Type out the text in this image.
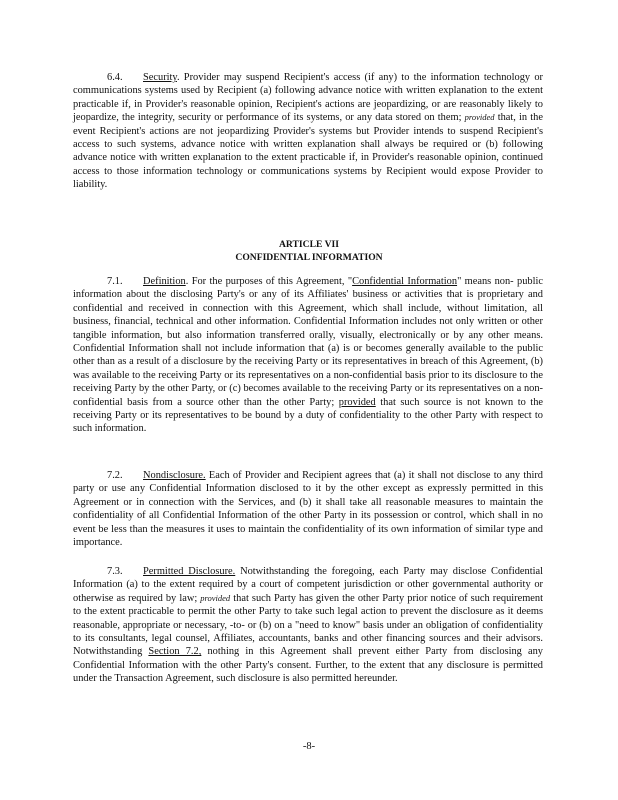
6.4. Security. Provider may suspend Recipient's access (if any) to the information technology or communications systems used by Recipient (a) following advance notice with written explanation to the extent practicable if, in Provider's reasonable opinion, Recipient's actions are jeopardizing, or are reasonably likely to jeopardize, the integrity, security or performance of its systems, or any data stored on them; provided that, in the event Recipient's actions are not jeopardizing Provider's systems but Provider intends to suspend Recipient's access to such systems, advance notice with written explanation shall always be required or (b) following advance notice with written explanation to the extent practicable if, in Provider's reasonable opinion, continued access to those information technology or communications systems by Recipient would expose Provider to liability.

ARTICLE VII
CONFIDENTIAL INFORMATION

7.1. Definition. For the purposes of this Agreement, "Confidential Information" means non- public information about the disclosing Party's or any of its Affiliates' business or activities that is proprietary and confidential and received in connection with this Agreement, which shall include, without limitation, all business, financial, technical and other information. Confidential Information includes not only written or other tangible information, but also information transferred orally, visually, electronically or by any other means. Confidential Information shall not include information that (a) is or becomes generally available to the public other than as a result of a disclosure by the receiving Party or its representatives in breach of this Agreement, (b) was available to the receiving Party or its representatives on a non-confidential basis prior to its disclosure to the receiving Party by the other Party, or (c) becomes available to the receiving Party or its representatives on a non-confidential basis from a source other than the other Party; provided that such source is not known to the receiving Party or its representatives to be bound by a duty of confidentiality to the other Party with respect to such information.

7.2. Nondisclosure. Each of Provider and Recipient agrees that (a) it shall not disclose to any third party or use any Confidential Information disclosed to it by the other except as expressly permitted in this Agreement or in connection with the Services, and (b) it shall take all reasonable measures to maintain the confidentiality of all Confidential Information of the other Party in its possession or control, which shall in no event be less than the measures it uses to maintain the confidentiality of its own information of similar type and importance.

7.3. Permitted Disclosure. Notwithstanding the foregoing, each Party may disclose Confidential Information (a) to the extent required by a court of competent jurisdiction or other governmental authority or otherwise as required by law; provided that such Party has given the other Party prior notice of such requirement to the extent practicable to permit the other Party to take such legal action to prevent the disclosure as it deems reasonable, appropriate or necessary, -to- or (b) on a "need to know" basis under an obligation of confidentiality to its consultants, legal counsel, Affiliates, accountants, banks and other financing sources and their advisors. Notwithstanding Section 7.2, nothing in this Agreement shall prevent either Party from disclosing any Confidential Information with the other Party's consent. Further, to the extent that any disclosure is permitted under the Transaction Agreement, such disclosure is also permitted hereunder.

-8-
